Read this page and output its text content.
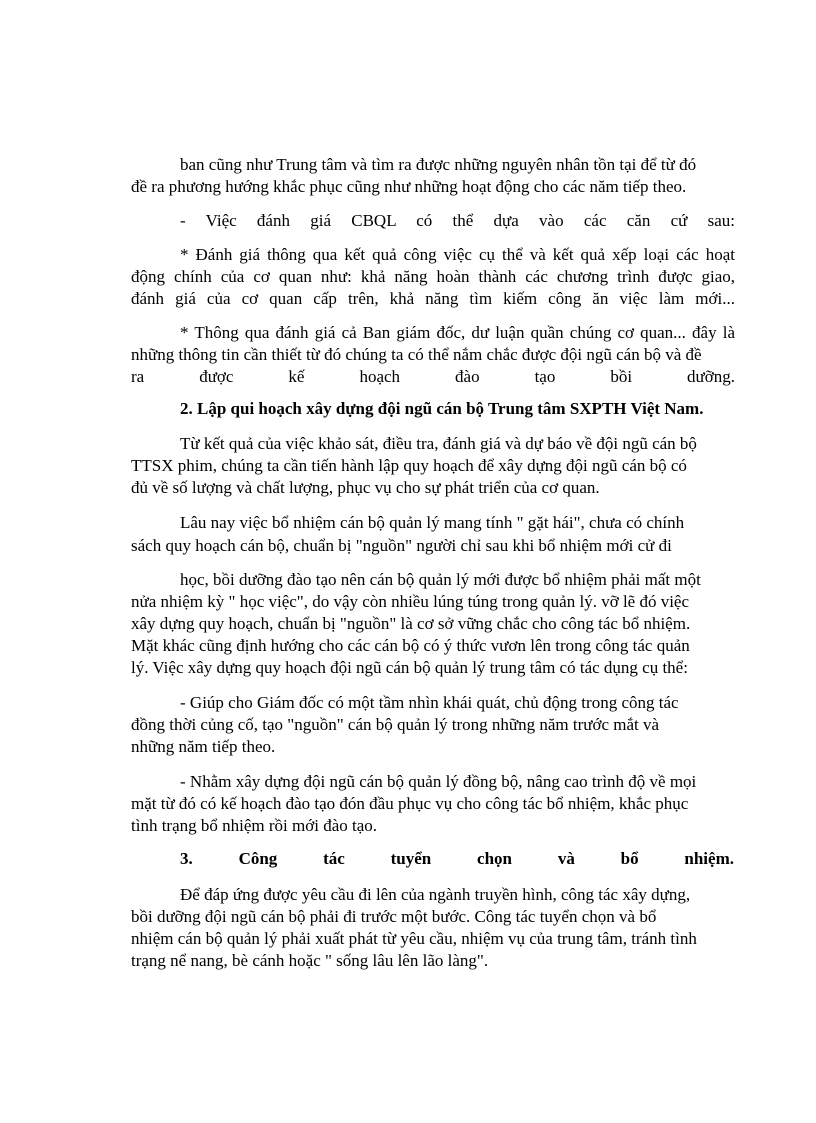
ban cũng như Trung tâm và tìm ra được những nguyên nhân tồn tại để từ đó
đề ra phương hướng khắc phục cũng như những hoạt động cho các năm tiếp theo.
- Việc đánh giá CBQL có thể dựa vào các căn cứ sau:
* Đánh giá thông qua kết quả công việc cụ thể và kết quả xếp loại các hoạt
động chính của cơ quan như: khả năng hoàn thành các chương trình được giao,
đánh giá của cơ quan cấp trên, khả năng tìm kiếm công ăn việc làm mới...
* Thông qua đánh giá cả Ban giám đốc, dư luận quần chúng cơ quan... đây là
những thông tin cần thiết từ đó chúng ta có thể nắm chắc được đội ngũ cán bộ và đề
ra được kế hoạch đào tạo bồi dưỡng.
2. Lập qui hoạch xây dựng đội ngũ cán bộ Trung tâm SXPTH Việt Nam.
Từ kết quả của việc khảo sát, điều tra, đánh giá và dự báo về đội ngũ cán bộ
TTSX phim, chúng ta cần tiến hành lập quy hoạch để xây dựng đội ngũ cán bộ có
đủ về số lượng và chất lượng, phục vụ cho sự phát triển của cơ quan.
Lâu nay việc bổ nhiệm cán bộ quản lý mang tính " gặt hái", chưa có chính
sách quy hoạch cán bộ, chuẩn bị "nguồn" người chỉ sau khi bổ nhiệm mới cử đi
học, bồi dưỡng đào tạo nên cán bộ quản lý mới được bổ nhiệm phải mất một
nửa nhiệm kỳ " học việc", do vậy còn nhiều lúng túng trong quản lý. vỡ lẽ đó việc
xây dựng quy hoạch, chuẩn bị "nguồn" là cơ sở vững chắc cho công tác bổ nhiệm.
Mặt khác cũng định hướng cho các cán bộ có ý thức vươn lên trong công tác quản
lý. Việc xây dựng quy hoạch đội ngũ cán bộ quản lý trung tâm có tác dụng cụ thể:
- Giúp cho Giám đốc có một tầm nhìn khái quát, chủ động trong công tác
đồng thời củng cố, tạo "nguồn" cán bộ quản lý trong những năm trước mắt và
những năm tiếp theo.
- Nhằm xây dựng đội ngũ cán bộ quản lý đồng bộ, nâng cao trình độ về mọi
mặt từ đó có kế hoạch đào tạo đón đầu phục vụ cho công tác bổ nhiệm, khắc phục
tình trạng bổ nhiệm rồi mới đào tạo.
3. Công tác tuyển chọn và bổ nhiệm.
Để đáp ứng được yêu cầu đi lên của ngành truyền hình, công tác xây dựng,
bồi dưỡng đội ngũ cán bộ phải đi trước một bước. Công tác tuyển chọn và bổ
nhiệm cán bộ quản lý phải xuất phát từ yêu cầu, nhiệm vụ của trung tâm, tránh tình
trạng nể nang, bè cánh hoặc " sống lâu lên lão làng".
